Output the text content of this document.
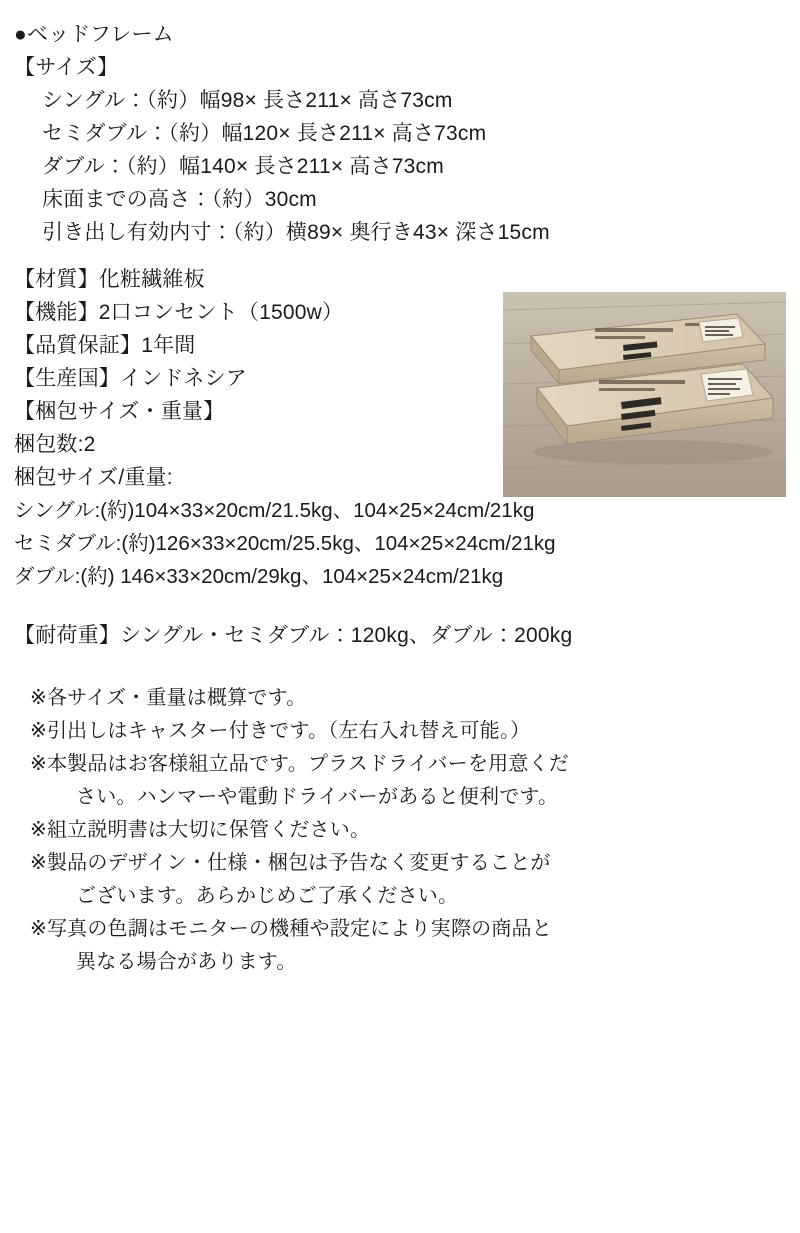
●ベッドフレーム
【サイズ】
シングル：（約）幅98× 長さ211× 高さ73cm
セミダブル：（約）幅120× 長さ211× 高さ73cm
ダブル：（約）幅140× 長さ211× 高さ73cm
床面までの高さ：（約）30cm
引き出し有効内寸：（約）横89× 奥行き43× 深さ15cm
【材質】化粧繊維板
【機能】2口コンセント（1500w）
【品質保証】1年間
【生産国】インドネシア
【梱包サイズ・重量】
梱包数:2
梱包サイズ/重量:
シングル:(約)104×33×20cm/21.5kg、104×25×24cm/21kg
セミダブル:(約)126×33×20cm/25.5kg、104×25×24cm/21kg
ダブル:(約) 146×33×20cm/29kg、104×25×24cm/21kg
【耐荷重】シングル・セミダブル：120kg、ダブル：200kg
※各サイズ・重量は概算です。
※引出しはキャスター付きです。（左右入れ替え可能。）
※本製品はお客様組立品です。プラスドライバーを用意くだ
さい。ハンマーや電動ドライバーがあると便利です。
※組立説明書は大切に保管ください。
※製品のデザイン・仕様・梱包は予告なく変更することが
ございます。あらかじめご了承ください。
※写真の色調はモニターの機種や設定により実際の商品と
異なる場合があります。
